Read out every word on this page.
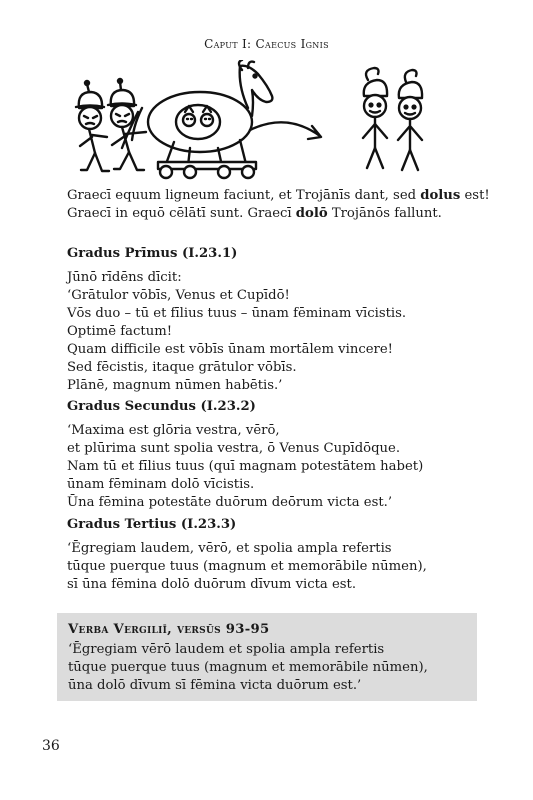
Caput I: Caecus Ignis

Graecī equum ligneum faciunt, et Trojānīs dant, sed dolus est!

Graecī in equō cēlātī sunt. Graecī dolō Trojānōs fallunt.

Gradus Prīmus (I.23.1)

Jūnō rīdēns dīcit:

‘Grātulor vōbīs, Venus et Cupīdō!

Vōs duo – tū et fīlius tuus – ūnam fēminam vīcistis.

Optimē factum!

Quam difficile est vōbīs ūnam mortālem vincere!

Sed fēcistis, itaque grātulor vōbīs.

Plānē, magnum nūmen habētis.’

Gradus Secundus (I.23.2)

‘Maxima est glōria vestra, vērō,

et plūrima sunt spolia vestra, ō Venus Cupīdōque.

Nam tū et fīlius tuus (quī magnam potestātem habet)

ūnam fēminam dolō vīcistis.

Ūna fēmina potestāte duōrum deōrum victa est.’

Gradus Tertius (I.23.3)

‘Ēgregiam laudem, vērō, et spolia ampla refertis

tūque puerque tuus (magnum et memorābile nūmen),

sī ūna fēmina dolō duōrum dīvum victa est.

Verba Vergiliī, versūs 93-95

‘Ēgregiam vērō laudem et spolia ampla refertis

tūque puerque tuus (magnum et memorābile nūmen),

ūna dolō dīvum sī fēmina victa duōrum est.’

36
